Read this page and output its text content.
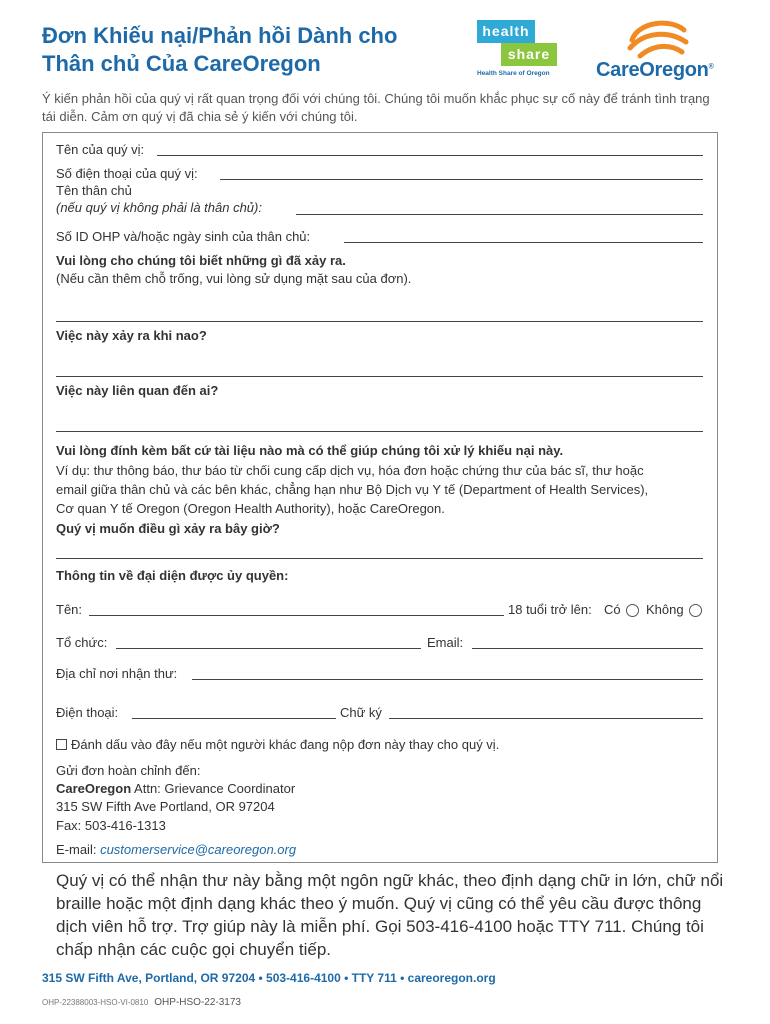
Đơn Khiếu nại/Phản hồi Dành cho
Thân chủ Của CareOregon
health
share
Health Share of Oregon CareOregon®
Ý kiến phản hồi của quý vị rất quan trọng đối với chúng tôi. Chúng tôi muốn khắc phục sự cố này để tránh tình trạng tái diễn. Cảm ơn quý vị đã chia sẻ ý kiến với chúng tôi.
Tên của quý vị:
Số điện thoại của quý vị:
Tên thân chủ
(nếu quý vị không phải là thân chủ):
Số ID OHP và/hoặc ngày sinh của thân chủ:
Vui lòng cho chúng tôi biết những gì đã xảy ra.
(Nếu cần thêm chỗ trống, vui lòng sử dụng mặt sau của đơn).
Việc này xảy ra khi nao?
Việc này liên quan đến ai?
Vui lòng đính kèm bất cứ tài liệu nào mà có thể giúp chúng tôi xử lý khiếu nại này.
Ví dụ: thư thông báo, thư báo từ chối cung cấp dịch vụ, hóa đơn hoặc chứng thư của bác sĩ, thư hoặc
email giữa thân chủ và các bên khác, chẳng hạn như Bộ Dịch vụ Y tế (Department of Health Services),
Cơ quan Y tế Oregon (Oregon Health Authority), hoặc CareOregon.
Quý vị muốn điều gì xảy ra bây giờ?
Thông tin về đại diện được ủy quyền:
Tên:	18 tuổi trở lên: Có Không
Tổ chức:	Email:
Địa chỉ nơi nhận thư:
Điện thoại:	Chữ ký
Đánh dấu vào đây nếu một người khác đang nộp đơn này thay cho quý vị.
Gửi đơn hoàn chỉnh đến:
CareOregon Attn: Grievance Coordinator
315 SW Fifth Ave Portland, OR 97204
Fax: 503-416-1313
E-mail: customerservice@careoregon.org
Quý vị có thể nhận thư này bằng một ngôn ngữ khác, theo định dạng chữ in lớn, chữ nổi braille hoặc một định dạng khác theo ý muốn. Quý vị cũng có thể yêu cầu được thông dịch viên hỗ trợ. Trợ giúp này là miễn phí. Gọi 503-416-4100 hoặc TTY 711. Chúng tôi chấp nhận các cuộc gọi chuyển tiếp.
315 SW Fifth Ave, Portland, OR 97204 • 503-416-4100 • TTY 711 • careoregon.org
OHP-22388003-HSO-VI-0810 OHP-HSO-22-3173
